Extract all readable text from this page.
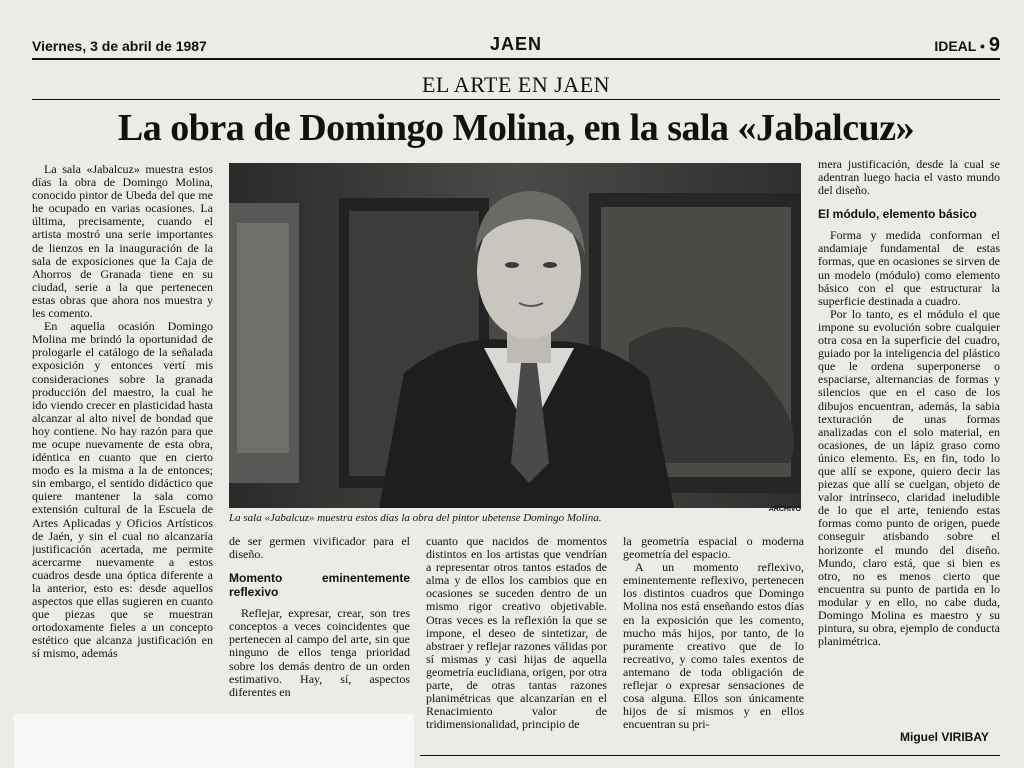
Viernes, 3 de abril de 1987	JAEN	IDEAL • 9
EL ARTE EN JAEN
La obra de Domingo Molina, en la sala «Jabalcuz»

La sala «Jabalcuz» muestra estos días la obra de Domingo Molina, conocido pintor de Ubeda del que me he ocupado en varias ocasiones. La última, precisamente, cuando el artista mostró una serie importantes de lienzos en la inauguración de la sala de exposiciones que la Caja de Ahorros de Granada tiene en su ciudad, serie a la que pertenecen estas obras que ahora nos muestra y les comento.

En aquella ocasión Domingo Molina me brindó la oportunidad de prologarle el catálogo de la señalada exposición y entonces vertí mis consideraciones sobre la granada producción del maestro, la cual he ido viendo crecer en plasticidad hasta alcanzar al alto nivel de bondad que hoy contiene. No hay razón para que me ocupe nuevamente de esta obra, idéntica en cuanto que en cierto modo es la misma a la de entonces; sin embargo, el sentido didáctico que quiere mantener la sala como extensión cultural de la Escuela de Artes Aplicadas y Oficios Artísticos de Jaén, y sin el cual no alcanzaría justificación acertada, me permite acercarme nuevamente a estos cuadros desde una óptica diferente a la anterior, esto es: desde aquellos aspectos que ellas sugieren en cuanto que piezas que se muestran ortodoxamente fieles a un concepto estético que alcanza justificación en sí mismo, además

La sala «Jabalcuz» muestra estos días la obra del pintor ubetense Domingo Molina.
ARCHIVO

de ser germen vivificador para el diseño.

Momento eminentemente reflexivo

Reflejar, expresar, crear, son tres conceptos a veces coincidentes que pertenecen al campo del arte, sin que ninguno de ellos tenga prioridad sobre los demás dentro de un orden estimativo. Hay, sí, aspectos diferentes en

cuanto que nacidos de momentos distintos en los artistas que vendrían a representar otros tantos estados de alma y de ellos los cambios que en ocasiones se suceden dentro de un mismo rigor creativo objetivable. Otras veces es la reflexión la que se impone, el deseo de sintetizar, de abstraer y reflejar razones válidas por sí mismas y casi hijas de aquella geometría euclidiana, origen, por otra parte, de otras tantas razones planimétricas que alcanzarían en el Renacimiento valor de tridimensionalidad, principio de

la geometría espacial o moderna geometría del espacio.

A un momento reflexivo, eminentemente reflexivo, pertenecen los distintos cuadros que Domingo Molina nos está enseñando estos días en la exposición que les comento, mucho más hijos, por tanto, de lo puramente creativo que de lo recreativo, y como tales exentos de antemano de toda obligación de reflejar o expresar sensaciones de cosa alguna. Ellos son únicamente hijos de sí mismos y en ellos encuentran su pri-

mera justificación, desde la cual se adentran luego hacia el vasto mundo del diseño.

El módulo, elemento básico

Forma y medida conforman el andamiaje fundamental de estas formas, que en ocasiones se sirven de un modelo (módulo) como elemento básico con el que estructurar la superficie destinada a cuadro.

Por lo tanto, es el módulo el que impone su evolución sobre cualquier otra cosa en la superficie del cuadro, guiado por la inteligencia del plástico que le ordena superponerse o espaciarse, alternancias de formas y silencios que en el caso de los dibujos encuentran, además, la sabia texturación de unas formas analizadas con el solo material, en ocasiones, de un lápiz graso como único elemento. Es, en fin, todo lo que allí se expone, quiero decir las piezas que allí se cuelgan, objeto de valor intrínseco, claridad ineludible de lo que el arte, teniendo estas formas como punto de origen, puede conseguir atisbando sobre el horizonte el mundo del diseño. Mundo, claro está, que si bien es otro, no es menos cierto que encuentra su punto de partida en lo modular y en ello, no cabe duda, Domingo Molina es maestro y su pintura, su obra, ejemplo de conducta planimétrica.

Miguel VIRIBAY
